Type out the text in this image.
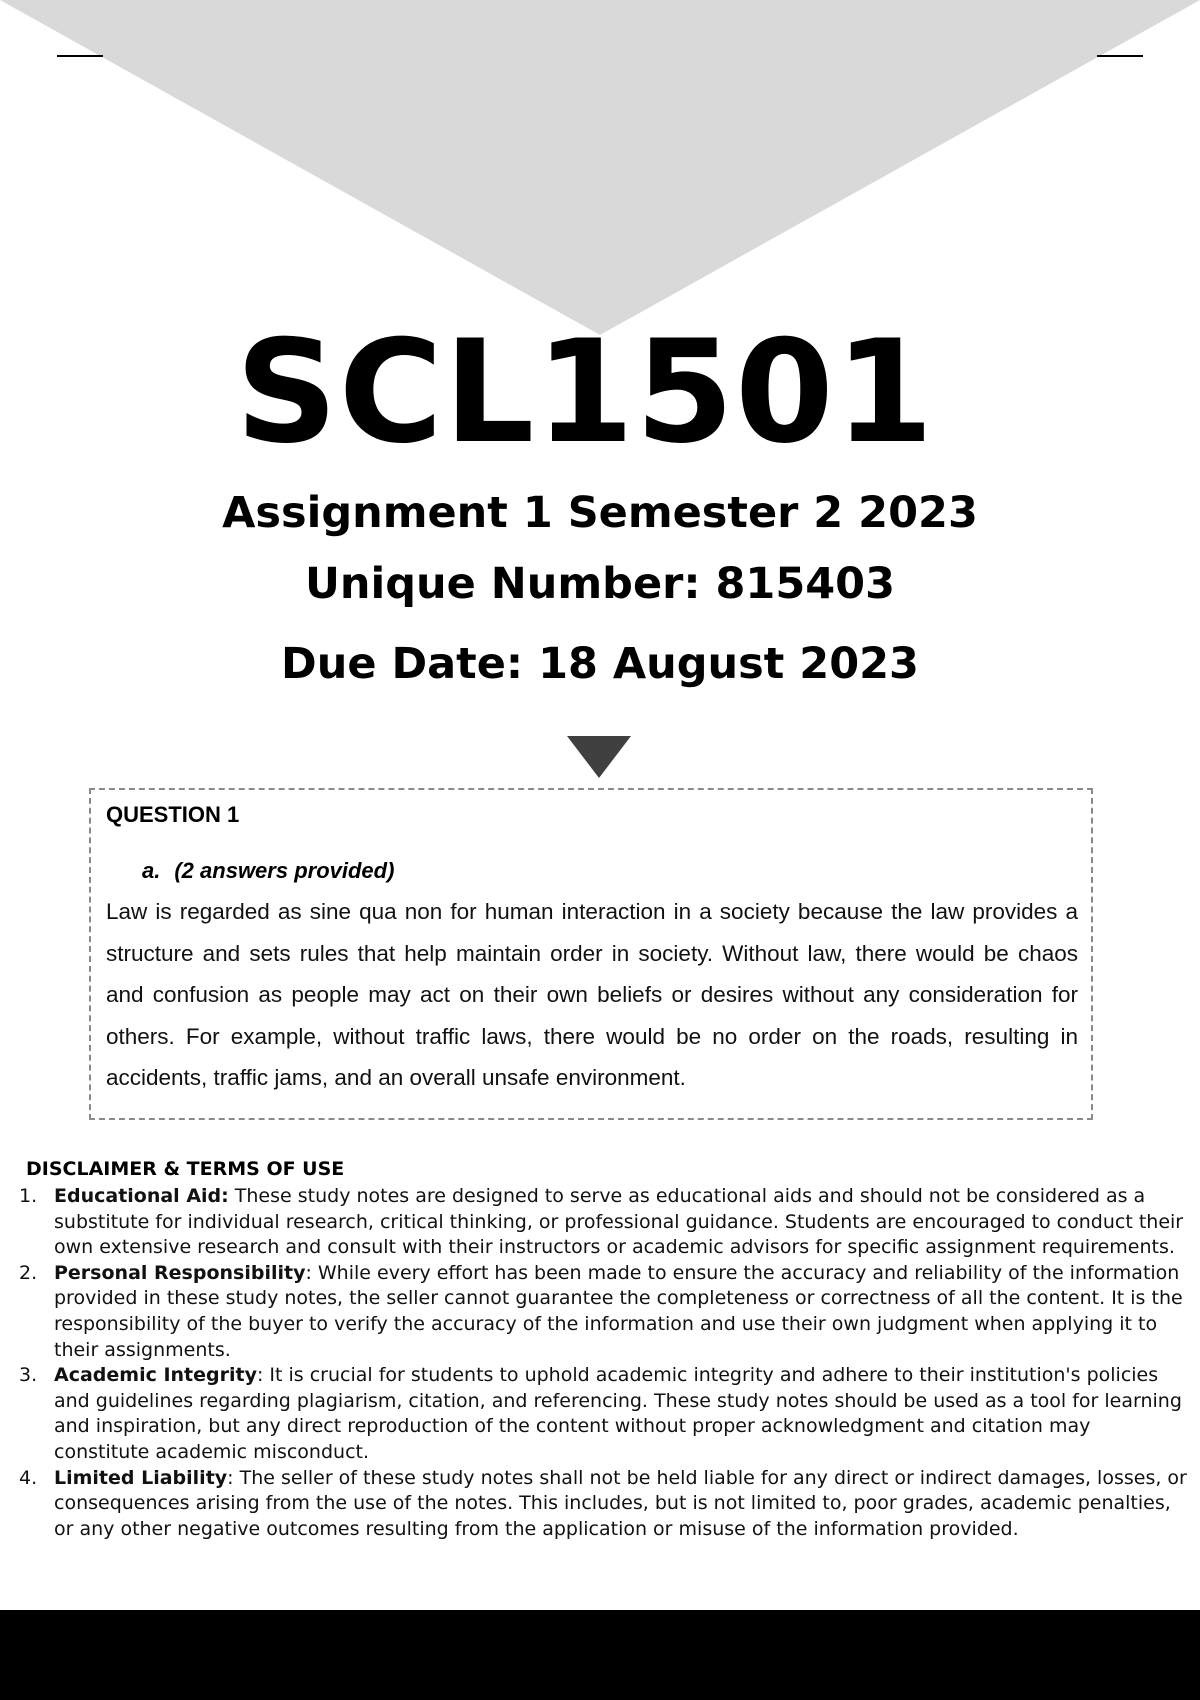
SCL1501
Assignment 1 Semester 2 2023
Unique Number: 815403
Due Date: 18 August 2023
QUESTION 1
a. (2 answers provided)

Law is regarded as sine qua non for human interaction in a society because the law provides a structure and sets rules that help maintain order in society. Without law, there would be chaos and confusion as people may act on their own beliefs or desires without any consideration for others. For example, without traffic laws, there would be no order on the roads, resulting in accidents, traffic jams, and an overall unsafe environment.

DISCLAIMER & TERMS OF USE
1. Educational Aid: These study notes are designed to serve as educational aids and should not be considered as a substitute for individual research, critical thinking, or professional guidance. Students are encouraged to conduct their own extensive research and consult with their instructors or academic advisors for specific assignment requirements.
2. Personal Responsibility: While every effort has been made to ensure the accuracy and reliability of the information provided in these study notes, the seller cannot guarantee the completeness or correctness of all the content. It is the responsibility of the buyer to verify the accuracy of the information and use their own judgment when applying it to their assignments.
3. Academic Integrity: It is crucial for students to uphold academic integrity and adhere to their institution's policies and guidelines regarding plagiarism, citation, and referencing. These study notes should be used as a tool for learning and inspiration, but any direct reproduction of the content without proper acknowledgment and citation may constitute academic misconduct.
4. Limited Liability: The seller of these study notes shall not be held liable for any direct or indirect damages, losses, or consequences arising from the use of the notes. This includes, but is not limited to, poor grades, academic penalties, or any other negative outcomes resulting from the application or misuse of the information provided.
